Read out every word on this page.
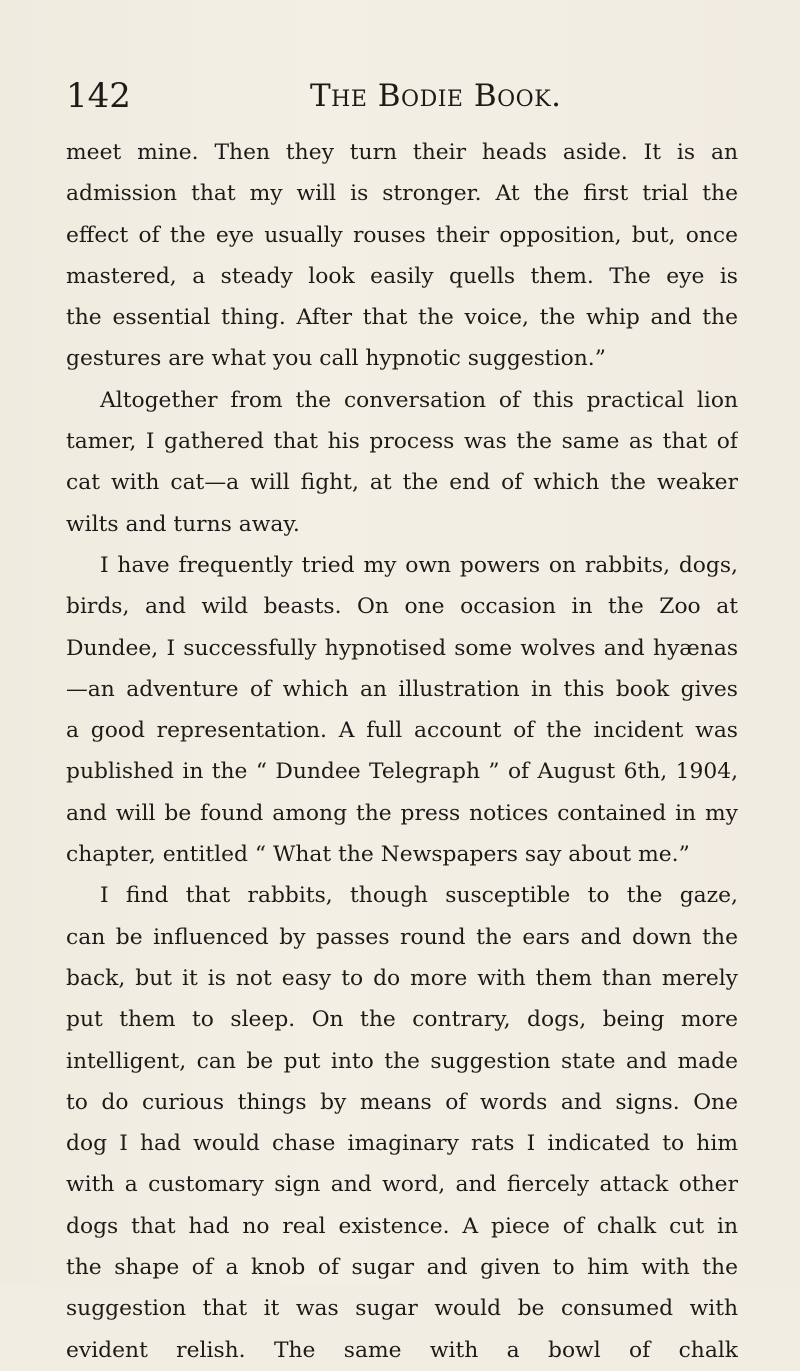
142	The Bodie Book.
meet mine. Then they turn their heads aside. It is an
admission that my will is stronger. At the first trial the
effect of the eye usually rouses their opposition, but, once
mastered, a steady look easily quells them. The eye is
the essential thing. After that the voice, the whip and the
gestures are what you call hypnotic suggestion.”
Altogether from the conversation of this practical lion
tamer, I gathered that his process was the same as that of
cat with cat—a will fight, at the end of which the weaker
wilts and turns away.
I have frequently tried my own powers on rabbits, dogs,
birds, and wild beasts. On one occasion in the Zoo at
Dundee, I successfully hypnotised some wolves and hyænas
—an adventure of which an illustration in this book gives
a good representation. A full account of the incident was
published in the “ Dundee Telegraph ” of August 6th, 1904,
and will be found among the press notices contained in my
chapter, entitled “ What the Newspapers say about me.”
I find that rabbits, though susceptible to the gaze,
can be influenced by passes round the ears and down the
back, but it is not easy to do more with them than merely
put them to sleep. On the contrary, dogs, being more
intelligent, can be put into the suggestion state and made
to do curious things by means of words and signs. One
dog I had would chase imaginary rats I indicated to him
with a customary sign and word, and fiercely attack other
dogs that had no real existence. A piece of chalk cut in
the shape of a knob of sugar and given to him with the
suggestion that it was sugar would be consumed with
evident relish. The same with a bowl of chalk
